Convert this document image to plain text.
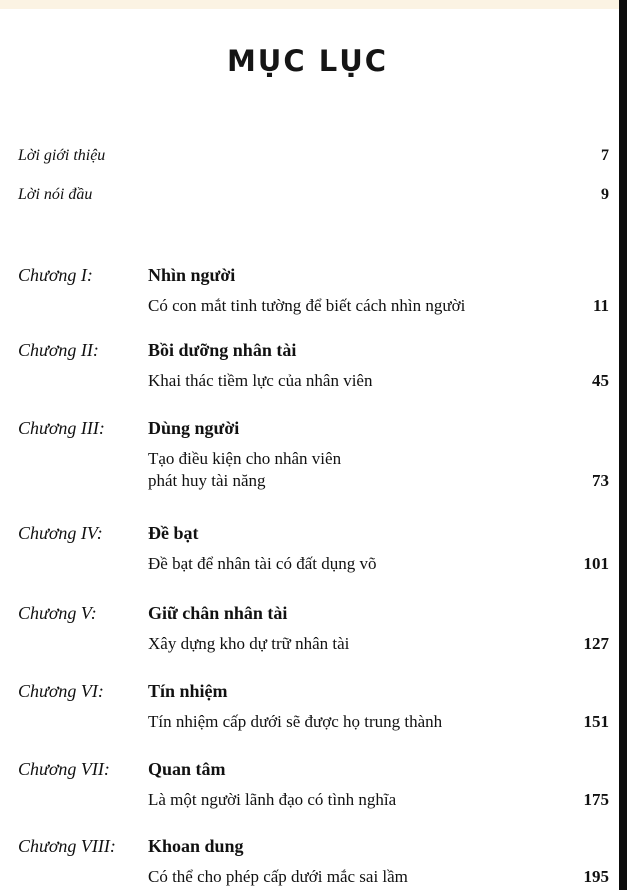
MỤC LỤC
Lời giới thiệu	7
Lời nói đầu	9
Chương I:	Nhìn người
Có con mắt tinh tường để biết cách nhìn người	11
Chương II:	Bồi dưỡng nhân tài
Khai thác tiềm lực của nhân viên	45
Chương III: Dùng người
Tạo điều kiện cho nhân viên
phát huy tài năng	73
Chương IV:	Đề bạt
Đề bạt để nhân tài có đất dụng võ	101
Chương V:	Giữ chân nhân tài
Xây dựng kho dự trữ nhân tài	127
Chương VI: Tín nhiệm
Tín nhiệm cấp dưới sẽ được họ trung thành	151
Chương VII: Quan tâm
Là một người lãnh đạo có tình nghĩa	175
Chương VIII: Khoan dung
Có thể cho phép cấp dưới mắc sai lầm	195
